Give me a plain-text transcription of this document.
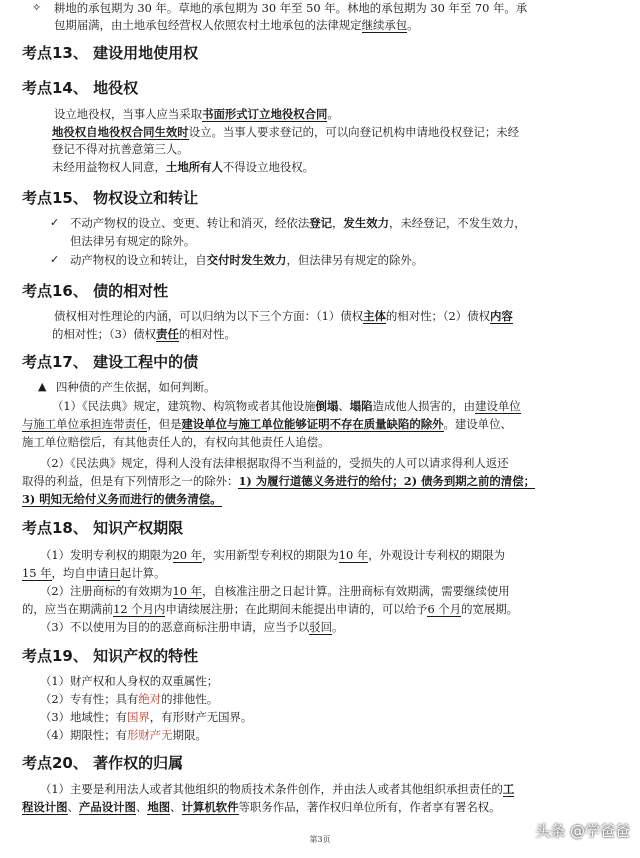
✧ 耕地的承包期为 30 年。草地的承包期为 30 年至 50 年。林地的承包期为 30 年至 70 年。承
包期届满，由土地承包经营权人依照农村土地承包的法律规定继续承包。
考点13、 建设用地使用权
考点14、 地役权
设立地役权，当事人应当采取书面形式订立地役权合同。
地役权自地役权合同生效时设立。当事人要求登记的，可以向登记机构申请地役权登记；未经
登记不得对抗善意第三人。
未经用益物权人同意，土地所有人不得设立地役权。
考点15、 物权设立和转让
✓ 不动产物权的设立、变更、转让和消灭，经依法登记，发生效力，未经登记，不发生效力，
但法律另有规定的除外。
✓ 动产物权的设立和转让，自交付时发生效力，但法律另有规定的除外。
考点16、 债的相对性
债权相对性理论的内涵，可以归纳为以下三个方面：（1）债权主体的相对性；（2）债权内容
的相对性；（3）债权责任的相对性。
考点17、 建设工程中的债
▲ 四种债的产生依据，如何判断。
（1）《民法典》规定，建筑物、构筑物或者其他设施倒塌、塌陷造成他人损害的，由建设单位
与施工单位承担连带责任，但是建设单位与施工单位能够证明不存在质量缺陷的除外。建设单位、
施工单位赔偿后，有其他责任人的，有权向其他责任人追偿。
（2）《民法典》规定，得利人没有法律根据取得不当利益的，受损失的人可以请求得利人返还
取得的利益，但是有下列情形之一的除外：1) 为履行道德义务进行的给付；2) 债务到期之前的清偿；
3) 明知无给付义务而进行的债务清偿。
考点18、 知识产权期限
（1）发明专利权的期限为20 年，实用新型专利权的期限为10 年，外观设计专利权的期限为
15 年，均自申请日起计算。
（2）注册商标的有效期为10 年，自核准注册之日起计算。注册商标有效期满，需要继续使用
的，应当在期满前12 个月内申请续展注册；在此期间未能提出申请的，可以给予6 个月的宽展期。
（3）不以使用为目的的恶意商标注册申请，应当予以驳回。
考点19、 知识产权的特性
（1）财产权和人身权的双重属性；
（2）专有性；具有绝对的排他性。
（3）地域性；有国界，有形财产无国界。
（4）期限性；有形财产无期限。
考点20、 著作权的归属
（1）主要是利用法人或者其他组织的物质技术条件创作，并由法人或者其他组织承担责任的工
程设计图、产品设计图、地图、计算机软件等职务作品，著作权归单位所有，作者享有署名权。
第3页	头条 @学爸爸
